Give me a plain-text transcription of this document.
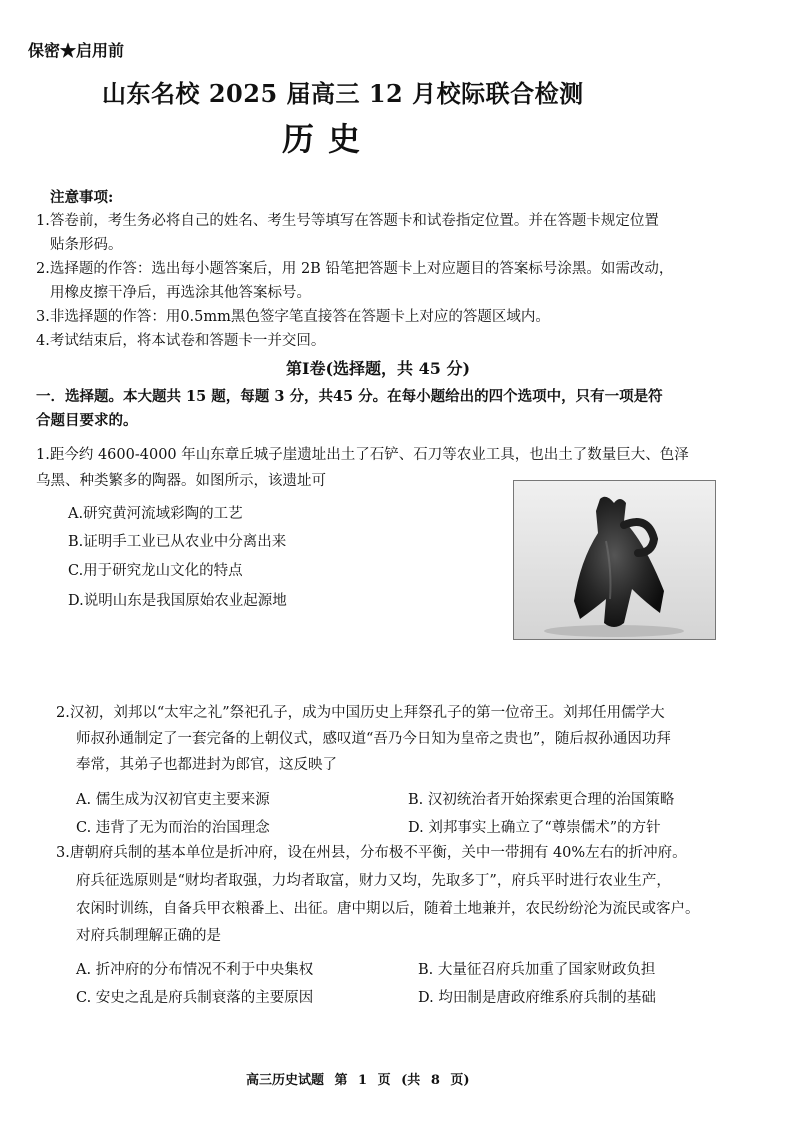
保密★启用前
山东名校 2025 届高三 12 月校际联合检测
历史
注意事项:
1.答卷前，考生务必将自己的姓名、考生号等填写在答题卡和试卷指定位置。并在答题卡规定位置
贴条形码。
2.选择题的作答：选出每小题答案后，用 2B 铅笔把答题卡上对应题目的答案标号涂黑。如需改动，
用橡皮擦干净后，再选涂其他答案标号。
3.非选择题的作答：用0.5mm黑色签字笔直接答在答题卡上对应的答题区域内。
4.考试结束后，将本试卷和答题卡一并交回。
第Ⅰ卷(选择题，共 45 分)
一．选择题。本大题共 15 题，每题 3 分，共45 分。在每小题给出的四个选项中，只有一项是符
合题目要求的。
1.距今约 4600-4000 年山东章丘城子崖遗址出土了石铲、石刀等农业工具，也出土了数量巨大、色泽
乌黑、种类繁多的陶器。如图所示，该遗址可
A.研究黄河流域彩陶的工艺
B.证明手工业已从农业中分离出来
C.用于研究龙山文化的特点
D.说明山东是我国原始农业起源地
2.汉初，刘邦以“太牢之礼”祭祀孔子，成为中国历史上拜祭孔子的第一位帝王。刘邦任用儒学大
师叔孙通制定了一套完备的上朝仪式，感叹道“吾乃今日知为皇帝之贵也”，随后叔孙通因功拜
奉常，其弟子也都进封为郎官，这反映了
A. 儒生成为汉初官吏主要来源	B. 汉初统治者开始探索更合理的治国策略
C. 违背了无为而治的治国理念	D. 刘邦事实上确立了“尊崇儒术”的方针
3.唐朝府兵制的基本单位是折冲府，设在州县，分布极不平衡，关中一带拥有 40%左右的折冲府。
府兵征选原则是“财均者取强，力均者取富，财力又均，先取多丁”，府兵平时进行农业生产，
农闲时训练，自备兵甲衣粮番上、出征。唐中期以后，随着土地兼并，农民纷纷沦为流民或客户。
对府兵制理解正确的是
A. 折冲府的分布情况不利于中央集权	B. 大量征召府兵加重了国家财政负担
C. 安史之乱是府兵制衰落的主要原因	D. 均田制是唐政府维系府兵制的基础
高三历史试题 第 1 页 (共 8 页)
